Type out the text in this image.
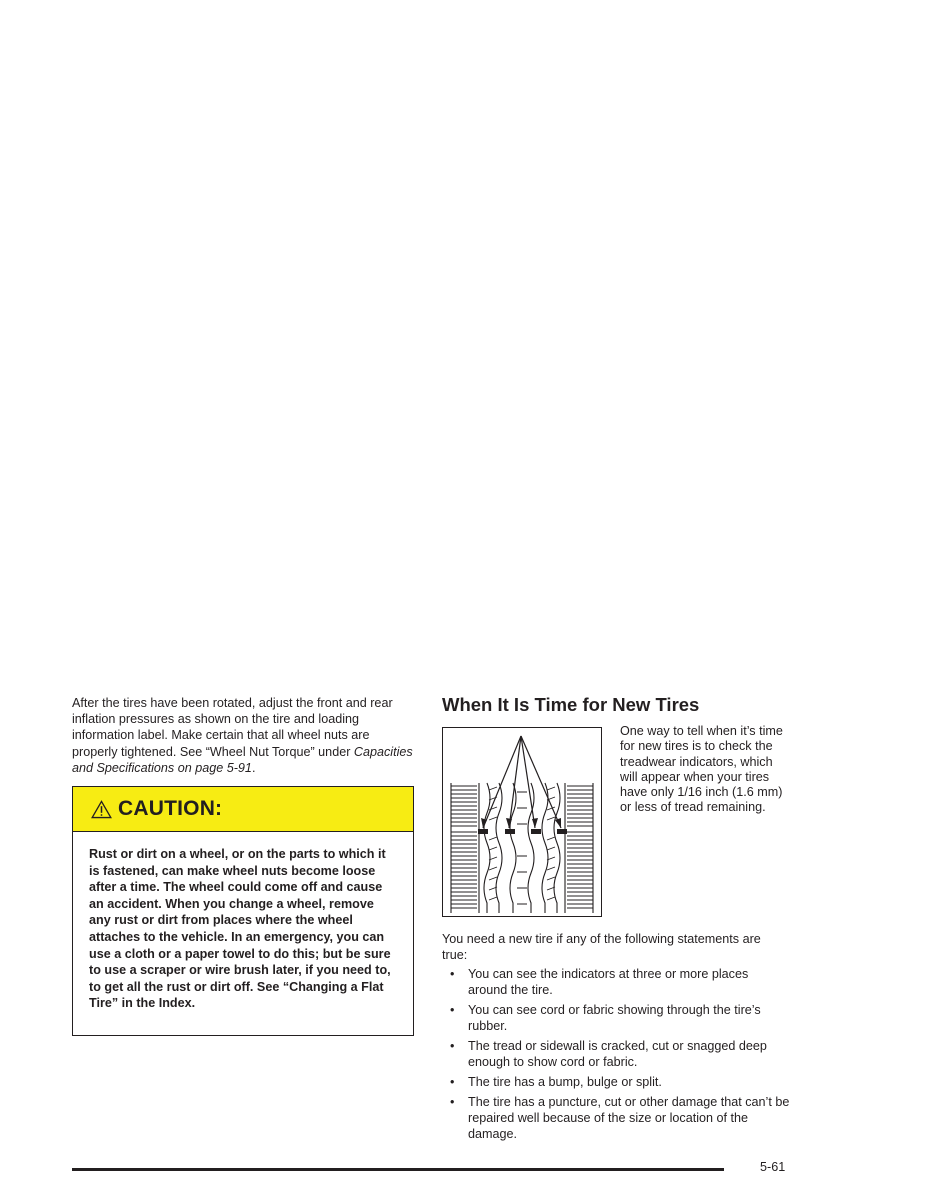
After the tires have been rotated, adjust the front and rear inflation pressures as shown on the tire and loading information label. Make certain that all wheel nuts are properly tightened. See “Wheel Nut Torque” under Capacities and Specifications on page 5-91.

CAUTION:
Rust or dirt on a wheel, or on the parts to which it is fastened, can make wheel nuts become loose after a time. The wheel could come off and cause an accident. When you change a wheel, remove any rust or dirt from places where the wheel attaches to the vehicle. In an emergency, you can use a cloth or a paper towel to do this; but be sure to use a scraper or wire brush later, if you need to, to get all the rust or dirt off. See “Changing a Flat Tire” in the Index.
When It Is Time for New Tires
One way to tell when it’s time for new tires is to check the treadwear indicators, which will appear when your tires have only 1/16 inch (1.6 mm) or less of tread remaining.

You need a new tire if any of the following statements are true:

• You can see the indicators at three or more places around the tire.
• You can see cord or fabric showing through the tire’s rubber.
• The tread or sidewall is cracked, cut or snagged deep enough to show cord or fabric.
• The tire has a bump, bulge or split.
• The tire has a puncture, cut or other damage that can’t be repaired well because of the size or location of the damage.
5-61
